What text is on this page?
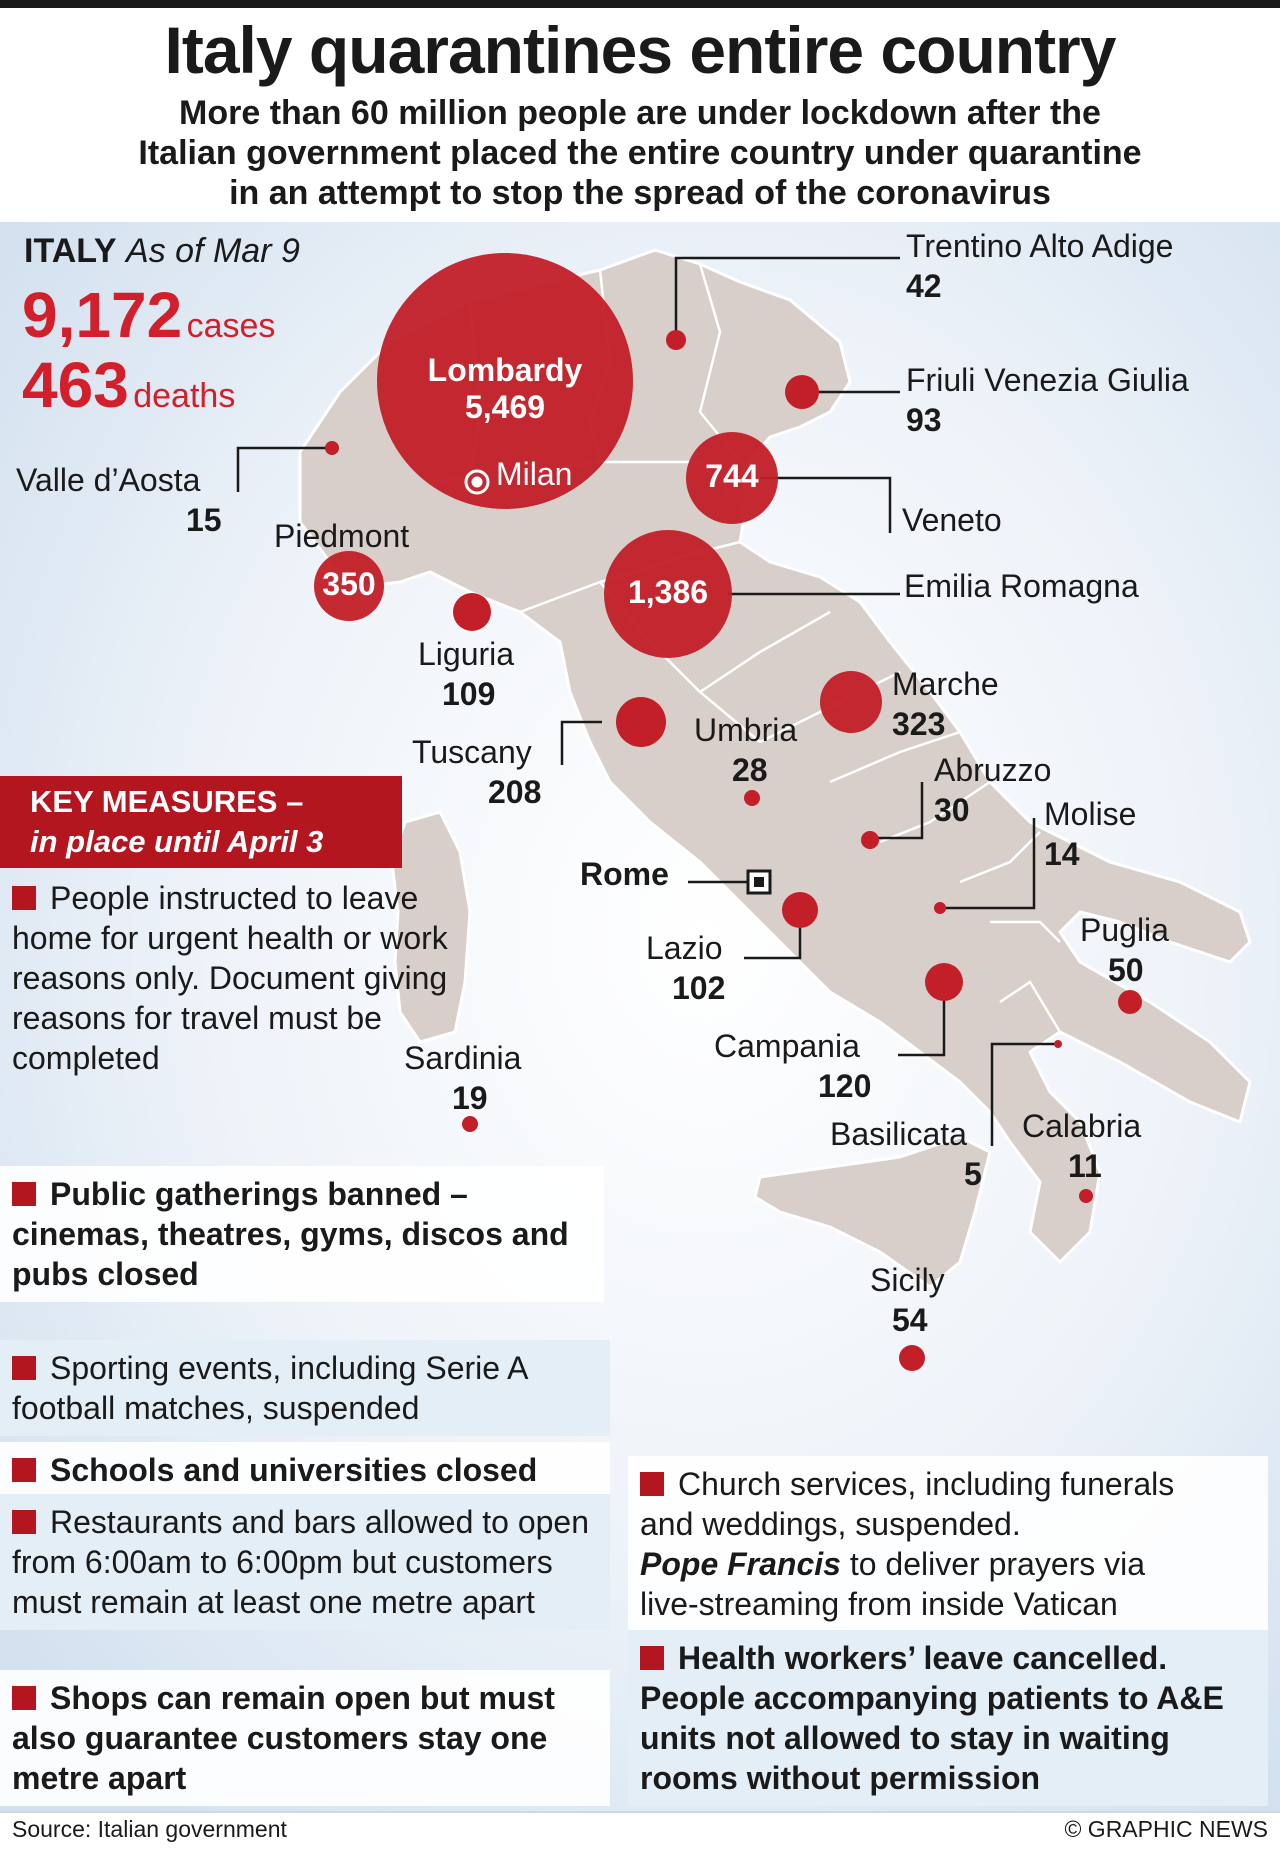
Italy quarantines entire country
More than 60 million people are under lockdown after the
Italian government placed the entire country under quarantine
in an attempt to stop the spread of the coronavirus
ITALY As of Mar 9
9,172 cases
463 deaths
Lombardy
5,469
Milan	744
1,386
350
Trentino Alto Adige
42
Friuli Venezia Giulia
93
Veneto
Valle d’Aosta
15 Piedmont
Emilia Romagna
Liguria
109	Marche
323
Tuscany
208
Umbria
28	Abruzzo
30 Molise
14
Rome
Lazio
102
Puglia
50
Campania
120
Sardinia
19
Basilicata
5
Calabria
11
Sicily
54
KEY MEASURES –
in place until April 3
People instructed to leave home for urgent health or work reasons only. Document giving reasons for travel must be completed
Public gatherings banned – cinemas, theatres, gyms, discos and pubs closed
Sporting events, including Serie A football matches, suspended
Schools and universities closed
Restaurants and bars allowed to open from 6:00am to 6:00pm but customers must remain at least one metre apart
Shops can remain open but must also guarantee customers stay one metre apart
Church services, including funerals
and weddings, suspended.
Pope Francis to deliver prayers via
live-streaming from inside Vatican
Health workers’ leave cancelled. People accompanying patients to A&E units not allowed to stay in waiting rooms without permission
Source: Italian government	© GRAPHIC NEWS
